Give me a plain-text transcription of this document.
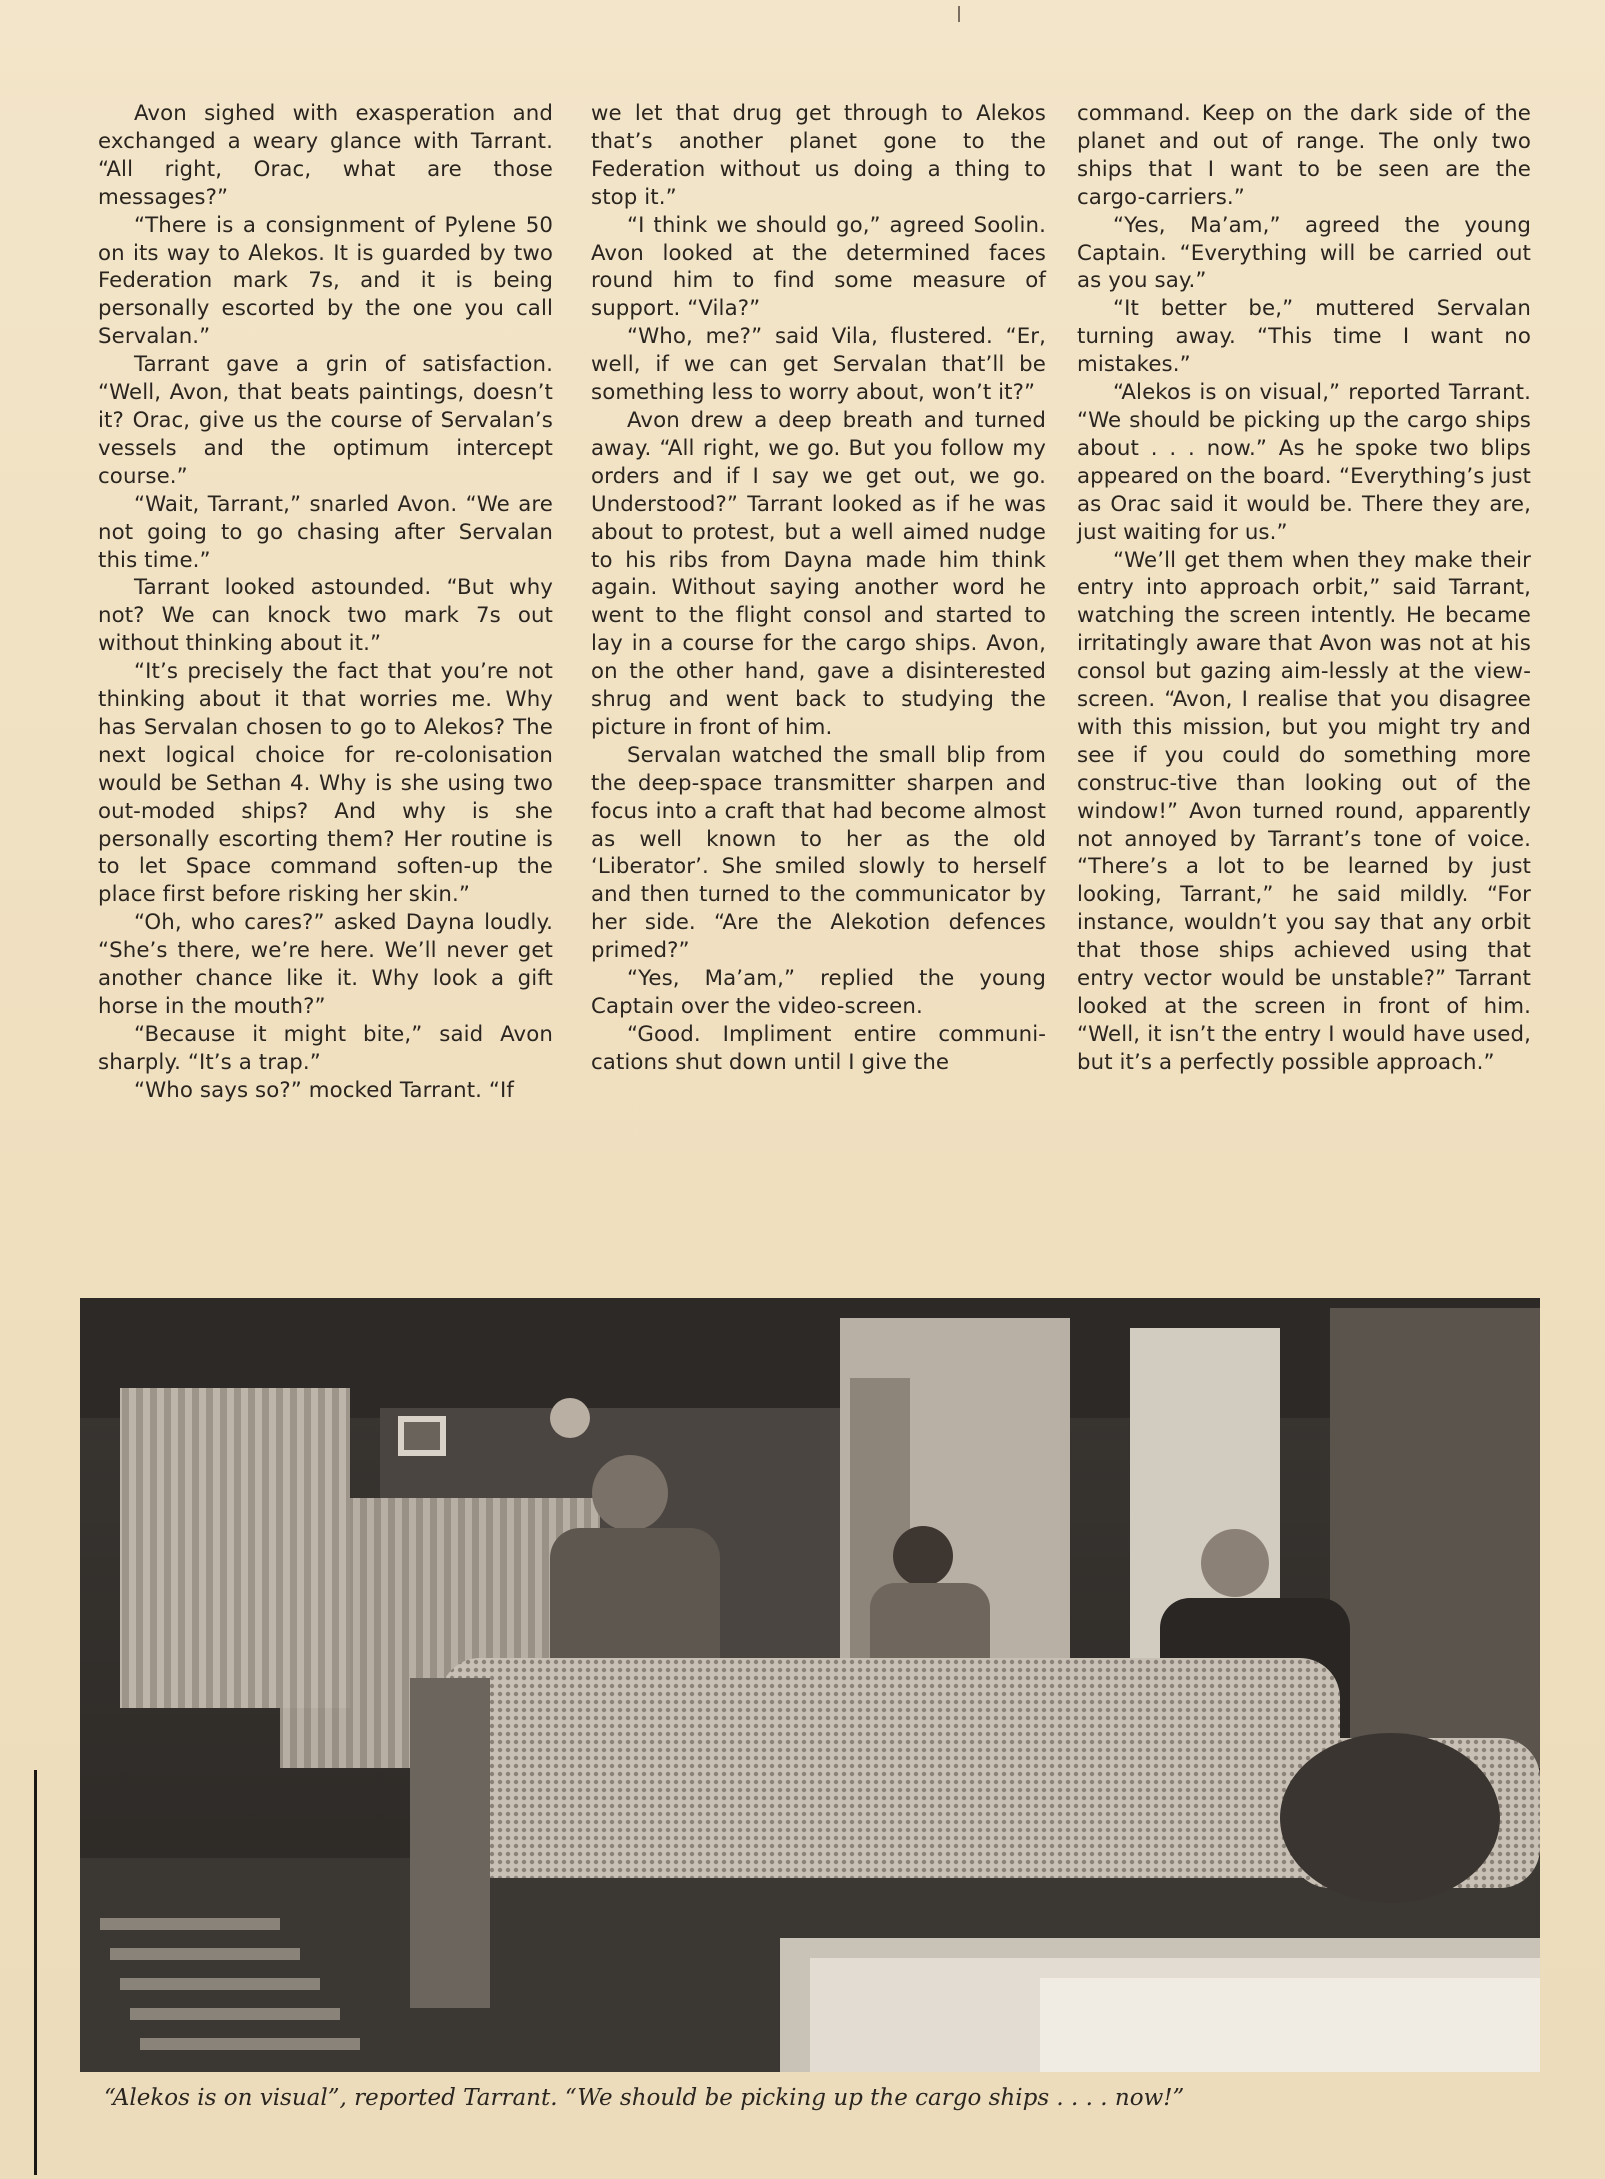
Avon sighed with exasperation and exchanged a weary glance with Tarrant. “All right, Orac, what are those messages?”

“There is a consignment of Pylene 50 on its way to Alekos. It is guarded by two Federation mark 7s, and it is being personally escorted by the one you call Servalan.”

Tarrant gave a grin of satisfaction. “Well, Avon, that beats paintings, doesn’t it? Orac, give us the course of Servalan’s vessels and the optimum intercept course.”

“Wait, Tarrant,” snarled Avon. “We are not going to go chasing after Servalan this time.”

Tarrant looked astounded. “But why not? We can knock two mark 7s out without thinking about it.”

“It’s precisely the fact that you’re not thinking about it that worries me. Why has Servalan chosen to go to Alekos? The next logical choice for re-colonisation would be Sethan 4. Why is she using two out-moded ships? And why is she personally escorting them? Her routine is to let Space command soften-up the place first before risking her skin.”

“Oh, who cares?” asked Dayna loudly. “She’s there, we’re here. We’ll never get another chance like it. Why look a gift horse in the mouth?”

“Because it might bite,” said Avon sharply. “It’s a trap.”

“Who says so?” mocked Tarrant. “If

we let that drug get through to Alekos that’s another planet gone to the Federation without us doing a thing to stop it.”

“I think we should go,” agreed Soolin. Avon looked at the determined faces round him to find some measure of support. “Vila?”

“Who, me?” said Vila, flustered. “Er, well, if we can get Servalan that’ll be something less to worry about, won’t it?”

Avon drew a deep breath and turned away. “All right, we go. But you follow my orders and if I say we get out, we go. Understood?” Tarrant looked as if he was about to protest, but a well aimed nudge to his ribs from Dayna made him think again. Without saying another word he went to the flight consol and started to lay in a course for the cargo ships. Avon, on the other hand, gave a disinterested shrug and went back to studying the picture in front of him.

Servalan watched the small blip from the deep-space transmitter sharpen and focus into a craft that had become almost as well known to her as the old ‘Liberator’. She smiled slowly to herself and then turned to the communicator by her side. “Are the Alekotion defences primed?”

“Yes, Ma’am,” replied the young Captain over the video-screen.

“Good. Impliment entire communi-cations shut down until I give the

command. Keep on the dark side of the planet and out of range. The only two ships that I want to be seen are the cargo-carriers.”

“Yes, Ma’am,” agreed the young Captain. “Everything will be carried out as you say.”

“It better be,” muttered Servalan turning away. “This time I want no mistakes.”

“Alekos is on visual,” reported Tarrant. “We should be picking up the cargo ships about . . . now.” As he spoke two blips appeared on the board. “Everything’s just as Orac said it would be. There they are, just waiting for us.”

“We’ll get them when they make their entry into approach orbit,” said Tarrant, watching the screen intently. He became irritatingly aware that Avon was not at his consol but gazing aim-lessly at the view-screen. “Avon, I realise that you disagree with this mission, but you might try and see if you could do something more construc-tive than looking out of the window!” Avon turned round, apparently not annoyed by Tarrant’s tone of voice. “There’s a lot to be learned by just looking, Tarrant,” he said mildly. “For instance, wouldn’t you say that any orbit that those ships achieved using that entry vector would be unstable?” Tarrant looked at the screen in front of him. “Well, it isn’t the entry I would have used, but it’s a perfectly possible approach.”

“Alekos is on visual”, reported Tarrant. “We should be picking up the cargo ships . . . . now!”
